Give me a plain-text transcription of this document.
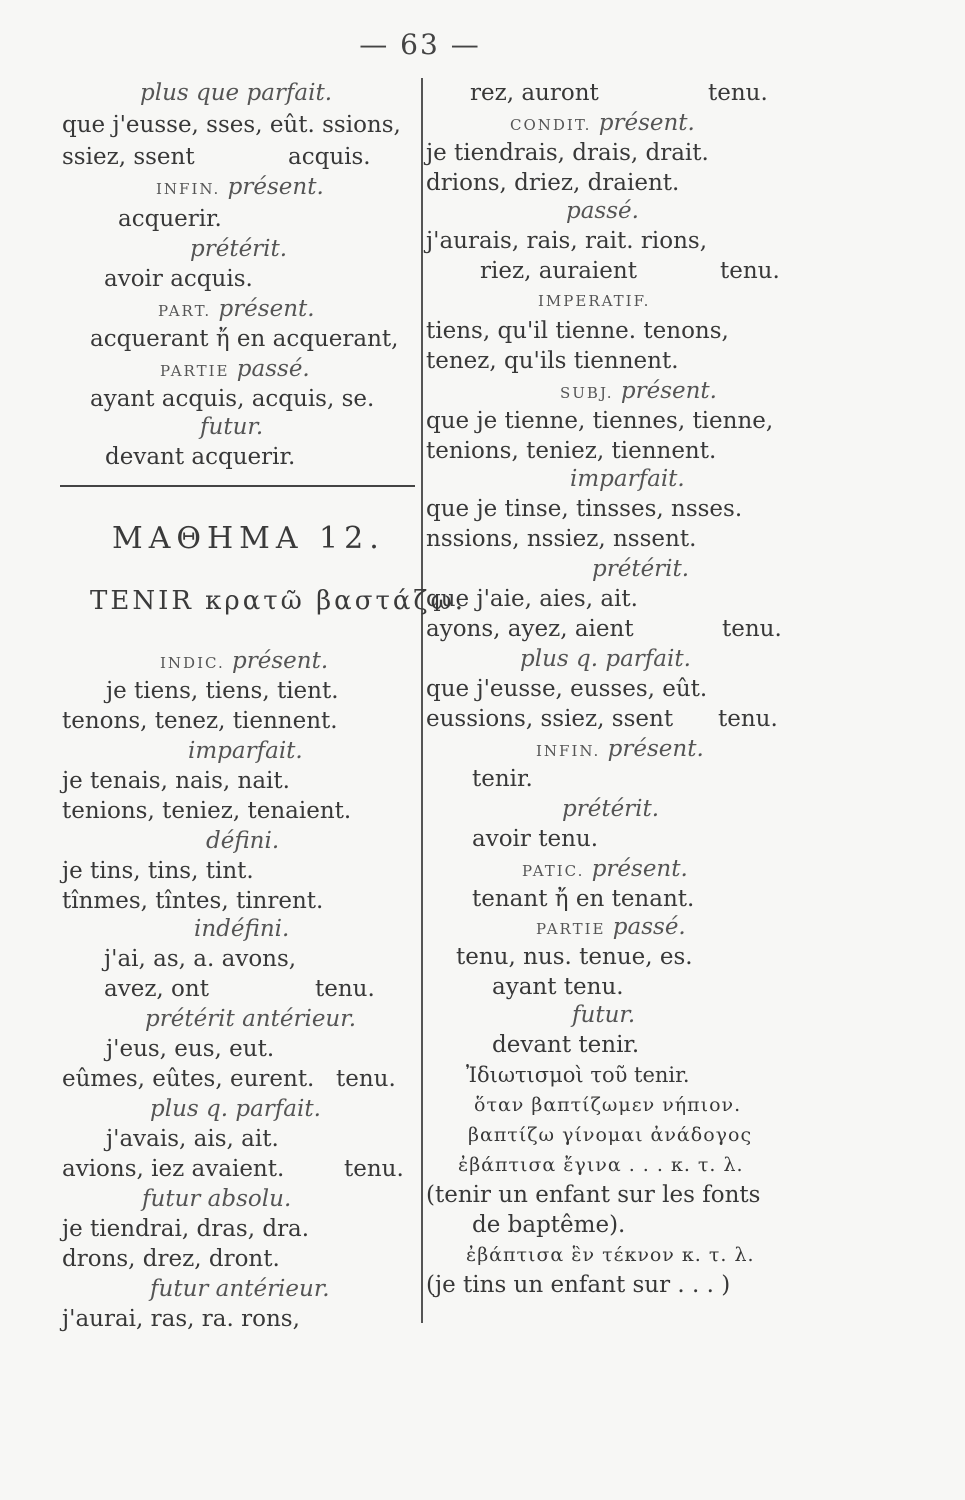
— 63 —
plus que parfait.
que j'eusse, sses, eût. ssions,
ssiez, ssent	acquis.
INFIN. présent.
acquerir.
prétérit.
avoir acquis.
PART. présent.
acquerant ἤ en acquerant,
PARTIE passé.
ayant acquis, acquis, se.
futur.
devant acquerir.
ΜΑΘΗΜΑ 12.
TENIR κρατῶ βαστάζω.
INDIC. présent.
je tiens, tiens, tient.
tenons, tenez, tiennent.
imparfait.
je tenais, nais, nait.
tenions, teniez, tenaient.
défini.
je tins, tins, tint.
tînmes, tîntes, tinrent.
indéfini.
j'ai, as, a. avons,
avez, ont	tenu.
prétérit antérieur.
j'eus, eus, eut.
eûmes, eûtes, eurent. tenu.
plus q. parfait.
j'avais, ais, ait.
avions, iez avaient.	tenu.
futur absolu.
je tiendrai, dras, dra.
drons, drez, dront.
futur antérieur.
j'aurai, ras, ra. rons,
rez, auront	tenu.
CONDIT. présent.
je tiendrais, drais, drait.
drions, driez, draient.
passé.
j'aurais, rais, rait. rions,
riez, auraient	tenu.
IMPERATIF.
tiens, qu'il tienne. tenons,
tenez, qu'ils tiennent.
SUBJ. présent.
que je tienne, tiennes, tienne,
tenions, teniez, tiennent.
imparfait.
que je tinse, tinsses, nsses.
nssions, nssiez, nssent.
prétérit.
que j'aie, aies, ait.
ayons, ayez, aient	tenu.
plus q. parfait.
que j'eusse, eusses, eût.
eussions, ssiez, ssent tenu.
INFIN. présent.
tenir.
prétérit.
avoir tenu.
PATIC. présent.
tenant ἤ en tenant.
PARTIE passé.
tenu, nus. tenue, es.
ayant tenu.
futur.
devant tenir.
Ἰδιωτισμοὶ τοῦ tenir.
ὅταν βαπτίζωμεν νήπιον.
βαπτίζω γίνομαι ἀνάδογος
ἐβάπτισα ἔγινα . . . κ. τ. λ.
(tenir un enfant sur les fonts
de baptême).
ἐβάπτισα ἓν τέκνον κ. τ. λ.
(je tins un enfant sur . . . )
